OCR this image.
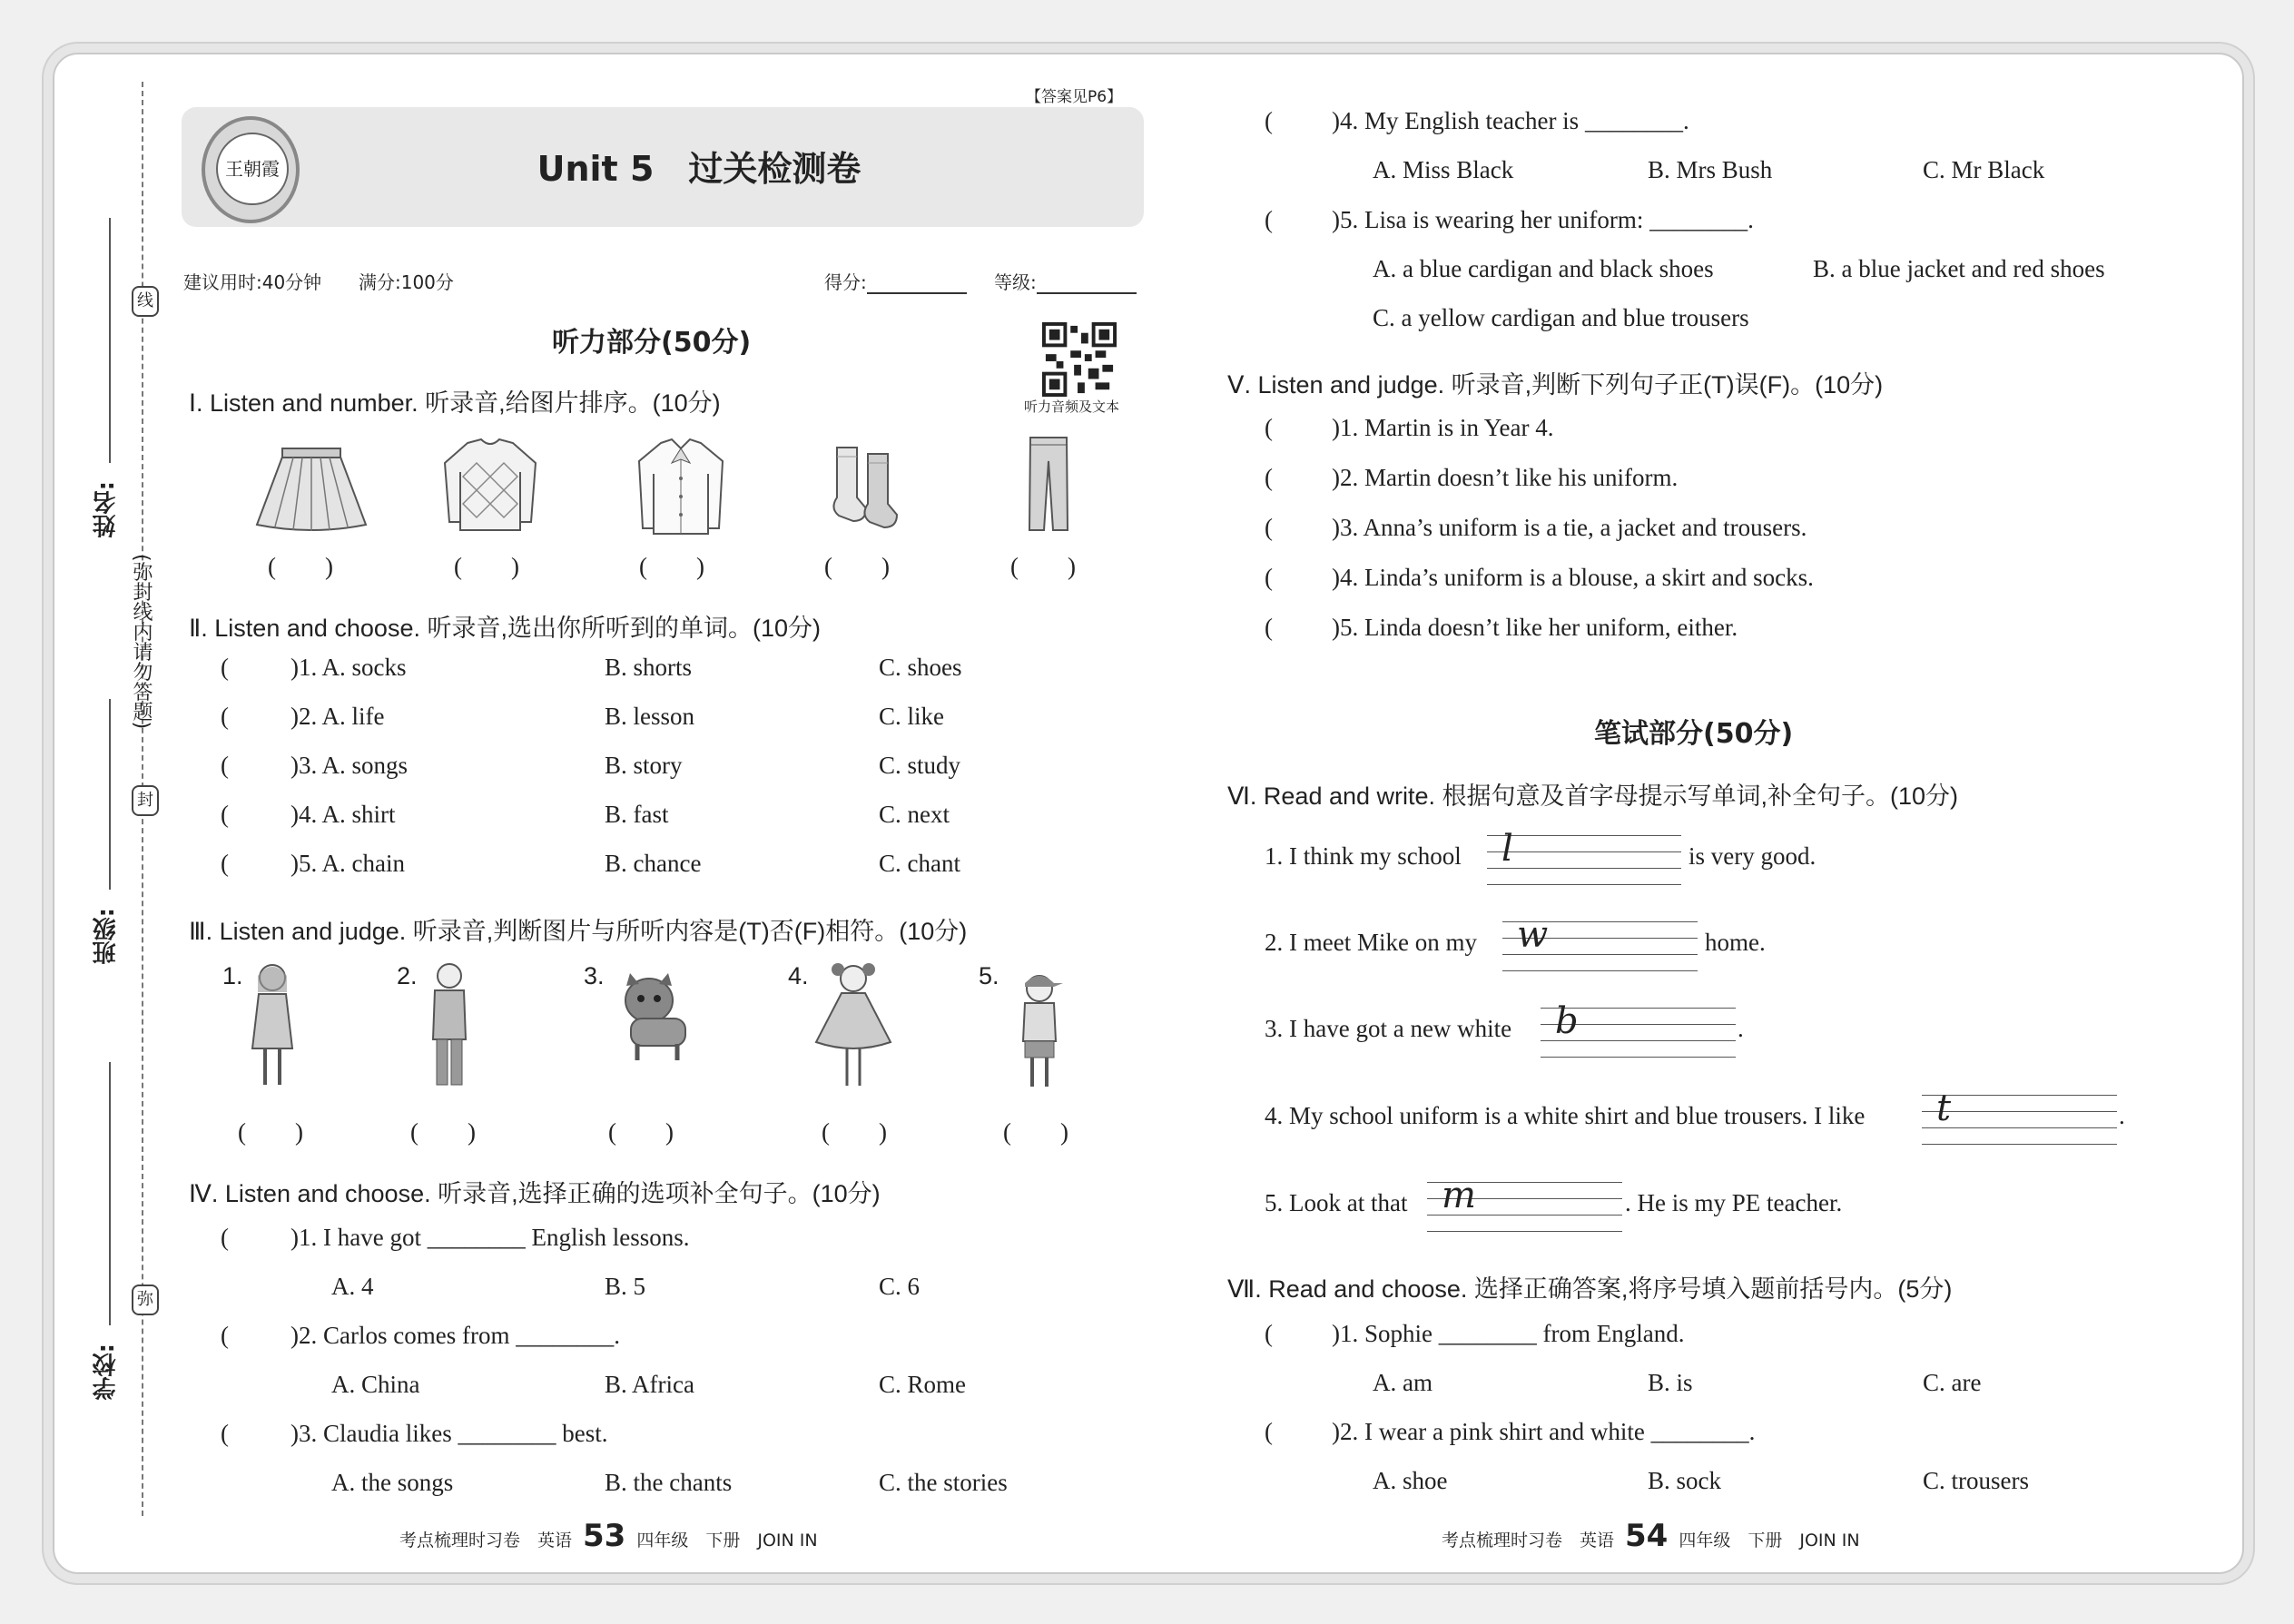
姓名:
班级:
学校:
(弥封线内请勿答题)
线
封
弥
【答案见P6】
王朝霞	Unit 5　过关检测卷
建议用时:40分钟 满分:100分	得分:	等级:
听力部分(50分)
听力音频及文本
Ⅰ. Listen and number. 听录音,给图片排序。(10分)
(　　)	(　　)	(　　)	(　　)	(　　)
Ⅱ. Listen and choose. 听录音,选出你所听到的单词。(10分)
Ⅲ. Listen and judge. 听录音,判断图片与所听内容是(T)否(F)相符。(10分)
1.	2.	3.	4.	5.
(　　)	(　　)	(　　)	(　　)	(　　)
Ⅳ. Listen and choose. 听录音,选择正确的选项补全句子。(10分)
Ⅴ. Listen and judge. 听录音,判断下列句子正(T)误(F)。(10分)
笔试部分(50分)
Ⅵ. Read and write. 根据句意及首字母提示写单词,补全句子。(10分)
Ⅶ. Read and choose. 选择正确答案,将序号填入题前括号内。(5分)
考点梳理时习卷　英语 53 四年级　下册　JOIN IN	考点梳理时习卷　英语 54 四年级　下册　JOIN IN
(	)1. A. socks	B. shorts	C. shoes
(	)2. A. life	B. lesson	C. like
(	)3. A. songs	B. story	C. study
(	)4. A. shirt	B. fast	C. next
(	)5. A. chain	B. chance	C. chant
(	)1. I have got ________ English lessons.
A. 4	B. 5	C. 6
(	)2. Carlos comes from ________.
A. China	B. Africa	C. Rome
(	)3. Claudia likes ________ best.
A. the songs	B. the chants	C. the stories
( )4. My English teacher is ________.
A. Miss Black	B. Mrs Bush	C. Mr Black
( )5. Lisa is wearing her uniform: ________.
A. a blue cardigan and black shoes	B. a blue jacket and red shoes
C. a yellow cardigan and blue trousers
( )1. Martin is in Year 4.
( )2. Martin doesn’t like his uniform.
( )3. Anna’s uniform is a tie, a jacket and trousers.
( )4. Linda’s uniform is a blouse, a skirt and socks.
( )5. Linda doesn’t like her uniform, either.
1. I think my school l	is very good.
2. I meet Mike on my w	home.
3. I have got a new white b	.
4. My school uniform is a white shirt and blue trousers. I like t	.
5. Look at that m	. He is my PE teacher.
( )1. Sophie ________ from England.
A. am	B. is	C. are
( )2. I wear a pink shirt and white ________.
A. shoe	B. sock	C. trousers
